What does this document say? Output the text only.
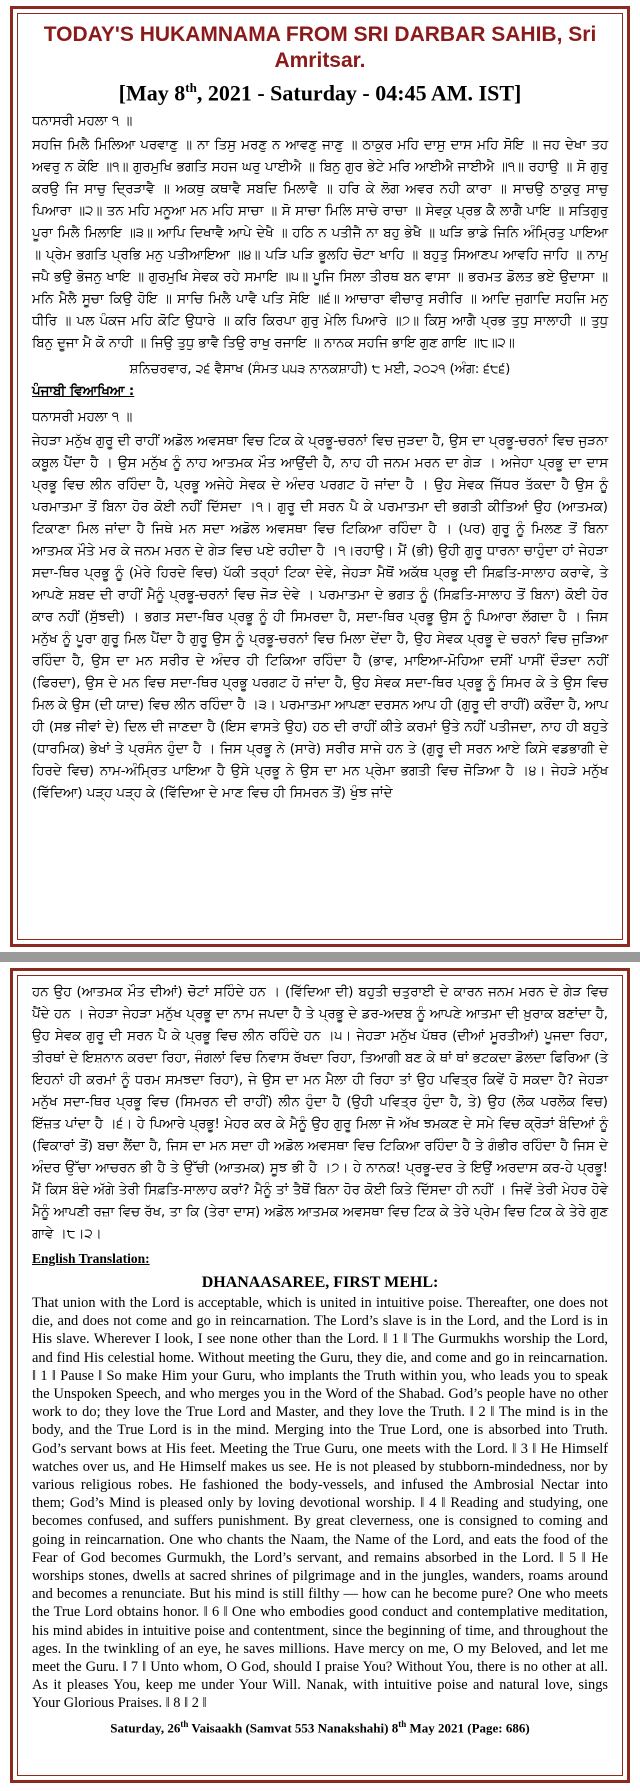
TODAY'S HUKAMNAMA FROM SRI DARBAR SAHIB, Sri Amritsar.
[May 8th, 2021 - Saturday - 04:45 AM. IST]
ਧਨਾਸਰੀ ਮਹਲਾ ੧ ॥
ਸਹਜਿ ਮਿਲੈ ਮਿਲਿਆ ਪਰਵਾਣੁ ॥ ਨਾ ਤਿਸੁ ਮਰਣੁ ਨ ਆਵਣੁ ਜਾਣੁ ॥ ਠਾਕੁਰ ਮਹਿ ਦਾਸੁ ਦਾਸ ਮਹਿ ਸੋਇ ॥ ਜਹ ਦੇਖਾ ਤਹ ਅਵਰੁ ਨ ਕੋਇ ॥੧॥ ਗੁਰਮੁਖਿ ਭਗਤਿ ਸਹਜ ਘਰੁ ਪਾਈਐ ॥ ਬਿਨੁ ਗੁਰ ਭੇਟੇ ਮਰਿ ਆਈਐ ਜਾਈਐ ॥੧॥ ਰਹਾਉ ॥ ਸੋ ਗੁਰੁ ਕਰਉ ਜਿ ਸਾਚੁ ਦ੍ਰਿੜਾਵੈ ॥ ਅਕਥੁ ਕਥਾਵੈ ਸਬਦਿ ਮਿਲਾਵੈ ॥ ਹਰਿ ਕੇ ਲੋਗ ਅਵਰ ਨਹੀ ਕਾਰਾ ॥ ਸਾਚਉ ਠਾਕੁਰੁ ਸਾਚੁ ਪਿਆਰਾ ॥੨॥ ਤਨ ਮਹਿ ਮਨੂਆ ਮਨ ਮਹਿ ਸਾਚਾ ॥ ਸੋ ਸਾਚਾ ਮਿਲਿ ਸਾਚੇ ਰਾਚਾ ॥ ਸੇਵਕੁ ਪ੍ਰਭ ਕੈ ਲਾਗੈ ਪਾਇ ॥ ਸਤਿਗੁਰੁ ਪੂਰਾ ਮਿਲੈ ਮਿਲਾਇ ॥੩॥ ਆਪਿ ਦਿਖਾਵੈ ਆਪੇ ਦੇਖੈ ॥ ਹਠਿ ਨ ਪਤੀਜੈ ਨਾ ਬਹੁ ਭੇਖੈ ॥ ਘੜਿ ਭਾਡੇ ਜਿਨਿ ਅੰਮ੍ਰਿਤੁ ਪਾਇਆ ॥ ਪ੍ਰੇਮ ਭਗਤਿ ਪ੍ਰਭਿ ਮਨੁ ਪਤੀਆਇਆ ॥੪॥ ਪੜਿ ਪੜਿ ਭੂਲਹਿ ਚੋਟਾ ਖਾਹਿ ॥ ਬਹੁਤੁ ਸਿਆਣਪ ਆਵਹਿ ਜਾਹਿ ॥ ਨਾਮੁ ਜਪੈ ਭਉ ਭੋਜਨੁ ਖਾਇ ॥ ਗੁਰਮੁਖਿ ਸੇਵਕ ਰਹੇ ਸਮਾਇ ॥੫॥ ਪੂਜਿ ਸਿਲਾ ਤੀਰਥ ਬਨ ਵਾਸਾ ॥ ਭਰਮਤ ਡੋਲਤ ਭਏ ਉਦਾਸਾ ॥ ਮਨਿ ਮੈਲੈ ਸੂਚਾ ਕਿਉ ਹੋਇ ॥ ਸਾਚਿ ਮਿਲੈ ਪਾਵੈ ਪਤਿ ਸੋਇ ॥੬॥ ਆਚਾਰਾ ਵੀਚਾਰੁ ਸਰੀਰਿ ॥ ਆਦਿ ਜੁਗਾਦਿ ਸਹਜਿ ਮਨੁ ਧੀਰਿ ॥ ਪਲ ਪੰਕਜ ਮਹਿ ਕੋਟਿ ਉਧਾਰੇ ॥ ਕਰਿ ਕਿਰਪਾ ਗੁਰੁ ਮੇਲਿ ਪਿਆਰੇ ॥੭॥ ਕਿਸੁ ਆਗੈ ਪ੍ਰਭ ਤੁਧੁ ਸਾਲਾਹੀ ॥ ਤੁਧੁ ਬਿਨੁ ਦੂਜਾ ਮੈ ਕੋ ਨਾਹੀ ॥ ਜਿਉ ਤੁਧੁ ਭਾਵੈ ਤਿਉ ਰਾਖੁ ਰਜਾਇ ॥ ਨਾਨਕ ਸਹਜਿ ਭਾਇ ਗੁਣ ਗਾਇ ॥੮॥੨॥
ਸ਼ਨਿਚਰਵਾਰ, ੨੬ ਵੈਸਾਖ (ਸੰਮਤ ੫੫੩ ਨਾਨਕਸ਼ਾਹੀ) ੮ ਮਈ, ੨੦੨੧ (ਅੰਗ: ੬੮੬)
ਪੰਜਾਬੀ ਵਿਆਖਿਆ :
ਧਨਾਸਰੀ ਮਹਲਾ ੧ ॥
ਜੇਹੜਾ ਮਨੁੱਖ ਗੁਰੂ ਦੀ ਰਾਹੀਂ ਅਡੋਲ ਅਵਸਥਾ ਵਿਚ ਟਿਕ ਕੇ ਪ੍ਰਭੂ-ਚਰਨਾਂ ਵਿਚ ਜੁੜਦਾ ਹੈ, ਉਸ ਦਾ ਪ੍ਰਭੂ-ਚਰਨਾਂ ਵਿਚ ਜੁੜਨਾ ਕਬੂਲ ਪੈਂਦਾ ਹੈ । ਉਸ ਮਨੁੱਖ ਨੂੰ ਨਾਹ ਆਤਮਕ ਮੌਤ ਆਉਂਦੀ ਹੈ, ਨਾਹ ਹੀ ਜਨਮ ਮਰਨ ਦਾ ਗੇੜ । ਅਜੇਹਾ ਪ੍ਰਭੂ ਦਾ ਦਾਸ ਪ੍ਰਭੂ ਵਿਚ ਲੀਨ ਰਹਿੰਦਾ ਹੈ, ਪ੍ਰਭੂ ਅਜੇਹੇ ਸੇਵਕ ਦੇ ਅੰਦਰ ਪਰਗਟ ਹੋ ਜਾਂਦਾ ਹੈ । ਉਹ ਸੇਵਕ ਜਿੱਧਰ ਤੱਕਦਾ ਹੈ ਉਸ ਨੂੰ ਪਰਮਾਤਮਾ ਤੋਂ ਬਿਨਾ ਹੋਰ ਕੋਈ ਨਹੀਂ ਦਿੱਸਦਾ ।੧। ਗੁਰੂ ਦੀ ਸਰਨ ਪੈ ਕੇ ਪਰਮਾਤਮਾ ਦੀ ਭਗਤੀ ਕੀਤਿਆਂ ਉਹ (ਆਤਮਕ) ਟਿਕਾਣਾ ਮਿਲ ਜਾਂਦਾ ਹੈ ਜਿਥੇ ਮਨ ਸਦਾ ਅਡੋਲ ਅਵਸਥਾ ਵਿਚ ਟਿਕਿਆ ਰਹਿੰਦਾ ਹੈ । (ਪਰ) ਗੁਰੂ ਨੂੰ ਮਿਲਣ ਤੋਂ ਬਿਨਾ ਆਤਮਕ ਮੌਤੇ ਮਰ ਕੇ ਜਨਮ ਮਰਨ ਦੇ ਗੇੜ ਵਿਚ ਪਏ ਰਹੀਦਾ ਹੈ ।੧।ਰਹਾਉ। ਮੈਂ (ਭੀ) ਉਹੀ ਗੁਰੂ ਧਾਰਨਾ ਚਾਹੁੰਦਾ ਹਾਂ ਜੇਹੜਾ ਸਦਾ-ਥਿਰ ਪ੍ਰਭੂ ਨੂੰ (ਮੇਰੇ ਹਿਰਦੇ ਵਿਚ) ਪੱਕੀ ਤਰ੍ਹਾਂ ਟਿਕਾ ਦੇਵੇ, ਜੇਹੜਾ ਮੈਥੋਂ ਅਕੱਥ ਪ੍ਰਭੂ ਦੀ ਸਿਫ਼ਤਿ-ਸਾਲਾਹ ਕਰਾਵੇ, ਤੇ ਆਪਣੇ ਸ਼ਬਦ ਦੀ ਰਾਹੀਂ ਮੈਨੂੰ ਪ੍ਰਭੂ-ਚਰਨਾਂ ਵਿਚ ਜੋੜ ਦੇਵੇ । ਪਰਮਾਤਮਾ ਦੇ ਭਗਤ ਨੂੰ (ਸਿਫ਼ਤਿ-ਸਾਲਾਹ ਤੋਂ ਬਿਨਾ) ਕੋਈ ਹੋਰ ਕਾਰ ਨਹੀਂ (ਸੁੱਝਦੀ) । ਭਗਤ ਸਦਾ-ਥਿਰ ਪ੍ਰਭੂ ਨੂੰ ਹੀ ਸਿਮਰਦਾ ਹੈ, ਸਦਾ-ਥਿਰ ਪ੍ਰਭੂ ਉਸ ਨੂੰ ਪਿਆਰਾ ਲੱਗਦਾ ਹੈ । ਜਿਸ ਮਨੁੱਖ ਨੂੰ ਪੂਰਾ ਗੁਰੂ ਮਿਲ ਪੈਂਦਾ ਹੈ ਗੁਰੂ ਉਸ ਨੂੰ ਪ੍ਰਭੂ-ਚਰਨਾਂ ਵਿਚ ਮਿਲਾ ਦੇਂਦਾ ਹੈ, ਉਹ ਸੇਵਕ ਪ੍ਰਭੂ ਦੇ ਚਰਨਾਂ ਵਿਚ ਜੁੜਿਆ ਰਹਿੰਦਾ ਹੈ, ਉਸ ਦਾ ਮਨ ਸਰੀਰ ਦੇ ਅੰਦਰ ਹੀ ਟਿਕਿਆ ਰਹਿੰਦਾ ਹੈ (ਭਾਵ, ਮਾਇਆ-ਮੋਹਿਆ ਦਸੀਂ ਪਾਸੀਂ ਦੌੜਦਾ ਨਹੀਂ (ਫਿਰਦਾ), ਉਸ ਦੇ ਮਨ ਵਿਚ ਸਦਾ-ਥਿਰ ਪ੍ਰਭੂ ਪਰਗਟ ਹੋ ਜਾਂਦਾ ਹੈ, ਉਹ ਸੇਵਕ ਸਦਾ-ਥਿਰ ਪ੍ਰਭੂ ਨੂੰ ਸਿਮਰ ਕੇ ਤੇ ਉਸ ਵਿਚ ਮਿਲ ਕੇ ਉਸ (ਦੀ ਯਾਦ) ਵਿਚ ਲੀਨ ਰਹਿੰਦਾ ਹੈ ।੩। ਪਰਮਾਤਮਾ ਆਪਣਾ ਦਰਸਨ ਆਪ ਹੀ (ਗੁਰੂ ਦੀ ਰਾਹੀਂ) ਕਰੌਂਦਾ ਹੈ, ਆਪ ਹੀ (ਸਭ ਜੀਵਾਂ ਦੇ) ਦਿਲ ਦੀ ਜਾਣਦਾ ਹੈ (ਇਸ ਵਾਸਤੇ ਉਹ) ਹਠ ਦੀ ਰਾਹੀਂ ਕੀਤੇ ਕਰਮਾਂ ਉਤੇ ਨਹੀਂ ਪਤੀਜਦਾ, ਨਾਹ ਹੀ ਬਹੁਤੇ (ਧਾਰਮਿਕ) ਭੇਖਾਂ ਤੇ ਪ੍ਰਸੰਨ ਹੁੰਦਾ ਹੈ । ਜਿਸ ਪ੍ਰਭੂ ਨੇ (ਸਾਰੇ) ਸਰੀਰ ਸਾਜੇ ਹਨ ਤੇ (ਗੁਰੂ ਦੀ ਸਰਨ ਆਏ ਕਿਸੇ ਵਡਭਾਗੀ ਦੇ ਹਿਰਦੇ ਵਿਚ) ਨਾਮ-ਅੰਮ੍ਰਿਤ ਪਾਇਆ ਹੈ ਉਸੇ ਪ੍ਰਭੂ ਨੇ ਉਸ ਦਾ ਮਨ ਪ੍ਰੇਮਾ ਭਗਤੀ ਵਿਚ ਜੋੜਿਆ ਹੈ ।੪। ਜੇਹੜੇ ਮਨੁੱਖ (ਵਿੱਦਿਆ) ਪੜ੍ਹ ਪੜ੍ਹ ਕੇ (ਵਿੱਦਿਆ ਦੇ ਮਾਣ ਵਿਚ ਹੀ ਸਿਮਰਨ ਤੋਂ) ਖੁੰਝ ਜਾਂਦੇ
ਹਨ ਉਹ (ਆਤਮਕ ਮੌਤ ਦੀਆਂ) ਚੋਟਾਂ ਸਹਿੰਦੇ ਹਨ । (ਵਿੱਦਿਆ ਦੀ) ਬਹੁਤੀ ਚਤੁਰਾਈ ਦੇ ਕਾਰਨ ਜਨਮ ਮਰਨ ਦੇ ਗੇੜ ਵਿਚ ਪੈਂਦੇ ਹਨ । ਜੇਹੜਾ ਜੇਹੜਾ ਮਨੁੱਖ ਪ੍ਰਭੂ ਦਾ ਨਾਮ ਜਪਦਾ ਹੈ ਤੇ ਪ੍ਰਭੂ ਦੇ ਡਰ-ਅਦਬ ਨੂੰ ਆਪਣੇ ਆਤਮਾ ਦੀ ਖ਼ੁਰਾਕ ਬਣਾਂਦਾ ਹੈ, ਉਹ ਸੇਵਕ ਗੁਰੂ ਦੀ ਸਰਨ ਪੈ ਕੇ ਪ੍ਰਭੂ ਵਿਚ ਲੀਨ ਰਹਿੰਦੇ ਹਨ ।੫। ਜੇਹੜਾ ਮਨੁੱਖ ਪੱਥਰ (ਦੀਆਂ ਮੂਰਤੀਆਂ) ਪੂਜਦਾ ਰਿਹਾ, ਤੀਰਥਾਂ ਦੇ ਇਸ਼ਨਾਨ ਕਰਦਾ ਰਿਹਾ, ਜੰਗਲਾਂ ਵਿਚ ਨਿਵਾਸ ਰੱਖਦਾ ਰਿਹਾ, ਤਿਆਗੀ ਬਣ ਕੇ ਥਾਂ ਥਾਂ ਭਟਕਦਾ ਡੋਲਦਾ ਫਿਰਿਆ (ਤੇ ਇਹਨਾਂ ਹੀ ਕਰਮਾਂ ਨੂੰ ਧਰਮ ਸਮਝਦਾ ਰਿਹਾ), ਜੇ ਉਸ ਦਾ ਮਨ ਮੈਲਾ ਹੀ ਰਿਹਾ ਤਾਂ ਉਹ ਪਵਿਤ੍ਰ ਕਿਵੇਂ ਹੋ ਸਕਦਾ ਹੈ? ਜੇਹੜਾ ਮਨੁੱਖ ਸਦਾ-ਥਿਰ ਪ੍ਰਭੂ ਵਿਚ (ਸਿਮਰਨ ਦੀ ਰਾਹੀਂ) ਲੀਨ ਹੁੰਦਾ ਹੈ (ਉਹੀ ਪਵਿਤ੍ਰ ਹੁੰਦਾ ਹੈ, ਤੇ) ਉਹ (ਲੋਕ ਪਰਲੋਕ ਵਿਚ) ਇੱਜ਼ਤ ਪਾਂਦਾ ਹੈ ।੬। ਹੇ ਪਿਆਰੇ ਪ੍ਰਭੂ! ਮੇਹਰ ਕਰ ਕੇ ਮੈਨੂੰ ਉਹ ਗੁਰੂ ਮਿਲਾ ਜੋ ਅੱਖ ਝਮਕਣ ਦੇ ਸਮੇ ਵਿਚ ਕ੍ਰੋੜਾਂ ਬੰਦਿਆਂ ਨੂੰ (ਵਿਕਾਰਾਂ ਤੋਂ) ਬਚਾ ਲੈਂਦਾ ਹੈ, ਜਿਸ ਦਾ ਮਨ ਸਦਾ ਹੀ ਅਡੋਲ ਅਵਸਥਾ ਵਿਚ ਟਿਕਿਆ ਰਹਿੰਦਾ ਹੈ ਤੇ ਗੰਭੀਰ ਰਹਿੰਦਾ ਹੈ ਜਿਸ ਦੇ ਅੰਦਰ ਉੱਚਾ ਆਚਰਨ ਭੀ ਹੈ ਤੇ ਉੱਚੀ (ਆਤਮਕ) ਸੂਝ ਭੀ ਹੈ ।੭। ਹੇ ਨਾਨਕ! ਪ੍ਰਭੂ-ਦਰ ਤੇ ਇਉਂ ਅਰਦਾਸ ਕਰ-ਹੇ ਪ੍ਰਭੂ! ਮੈਂ ਕਿਸ ਬੰਦੇ ਅੱਗੇ ਤੇਰੀ ਸਿਫ਼ਤਿ-ਸਾਲਾਹ ਕਰਾਂ? ਮੈਨੂੰ ਤਾਂ ਤੈਥੋਂ ਬਿਨਾ ਹੋਰ ਕੋਈ ਕਿਤੇ ਦਿੱਸਦਾ ਹੀ ਨਹੀਂ । ਜਿਵੇਂ ਤੇਰੀ ਮੇਹਰ ਹੋਵੇ ਮੈਨੂੰ ਆਪਣੀ ਰਜ਼ਾ ਵਿਚ ਰੱਖ, ਤਾ ਕਿ (ਤੇਰਾ ਦਾਸ) ਅਡੋਲ ਆਤਮਕ ਅਵਸਥਾ ਵਿਚ ਟਿਕ ਕੇ ਤੇਰੇ ਪ੍ਰੇਮ ਵਿਚ ਟਿਕ ਕੇ ਤੇਰੇ ਗੁਣ ਗਾਵੇ ।੮।੨।
English Translation:
DHANAASAREE, FIRST MEHL:
That union with the Lord is acceptable, which is united in intuitive poise. Thereafter, one does not die, and does not come and go in reincarnation. The Lord’s slave is in the Lord, and the Lord is in His slave. Wherever I look, I see none other than the Lord. ‖ 1 ‖ The Gurmukhs worship the Lord, and find His celestial home. Without meeting the Guru, they die, and come and go in reincarnation. ‖ 1 ‖ Pause ‖ So make Him your Guru, who implants the Truth within you, who leads you to speak the Unspoken Speech, and who merges you in the Word of the Shabad. God’s people have no other work to do; they love the True Lord and Master, and they love the Truth. ‖ 2 ‖ The mind is in the body, and the True Lord is in the mind. Merging into the True Lord, one is absorbed into Truth. God’s servant bows at His feet. Meeting the True Guru, one meets with the Lord. ‖ 3 ‖ He Himself watches over us, and He Himself makes us see. He is not pleased by stubborn-mindedness, nor by various religious robes. He fashioned the body-vessels, and infused the Ambrosial Nectar into them; God’s Mind is pleased only by loving devotional worship. ‖ 4 ‖ Reading and studying, one becomes confused, and suffers punishment. By great cleverness, one is consigned to coming and going in reincarnation. One who chants the Naam, the Name of the Lord, and eats the food of the Fear of God becomes Gurmukh, the Lord’s servant, and remains absorbed in the Lord. ‖ 5 ‖ He worships stones, dwells at sacred shrines of pilgrimage and in the jungles, wanders, roams around and becomes a renunciate. But his mind is still filthy — how can he become pure? One who meets the True Lord obtains honor. ‖ 6 ‖ One who embodies good conduct and contemplative meditation, his mind abides in intuitive poise and contentment, since the beginning of time, and throughout the ages. In the twinkling of an eye, he saves millions. Have mercy on me, O my Beloved, and let me meet the Guru. ‖ 7 ‖ Unto whom, O God, should I praise You? Without You, there is no other at all. As it pleases You, keep me under Your Will. Nanak, with intuitive poise and natural love, sings Your Glorious Praises. ‖ 8 ‖ 2 ‖
Saturday, 26th Vaisaakh (Samvat 553 Nanakshahi) 8th May 2021 (Page: 686)
